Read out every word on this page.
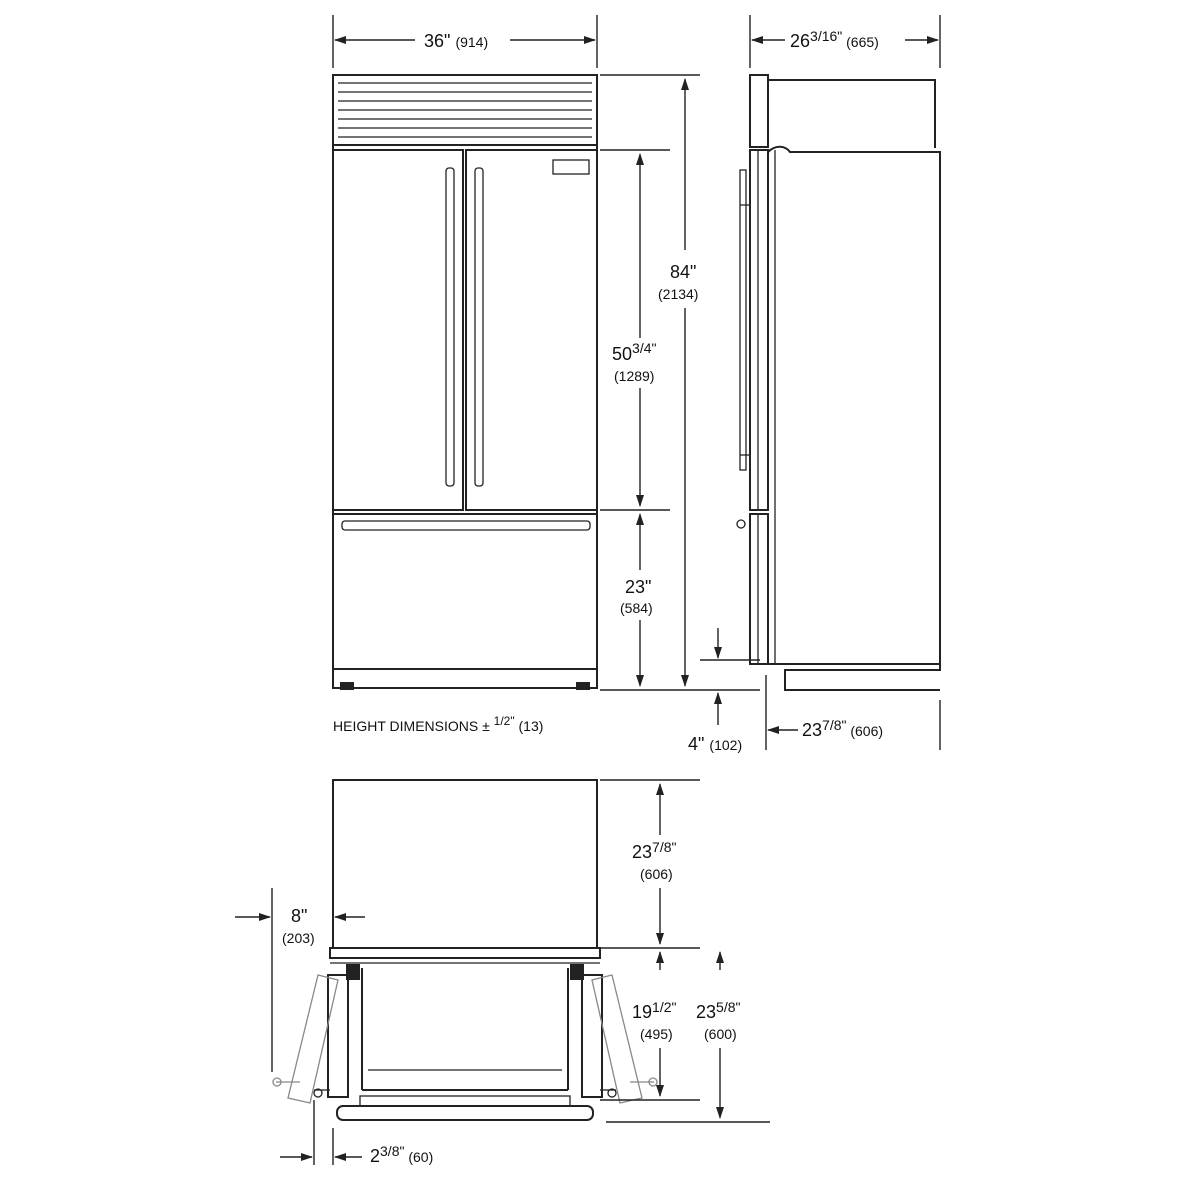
36" (914)
84"
(2134)
$50^{3/4"}$
(1289)
23"
(584)
4" (102)
HEIGHT DIMENSIONS ± 1/2" (13)
$26^{3/16"}$ (665)
$23^{7/8"}$ (606)
$23^{7/8"}$
(606)
$19^{1/2"}$
(495)
$23^{5/8"}$
(600)
8"
(203)
$2^{3/8"}$ (60)
